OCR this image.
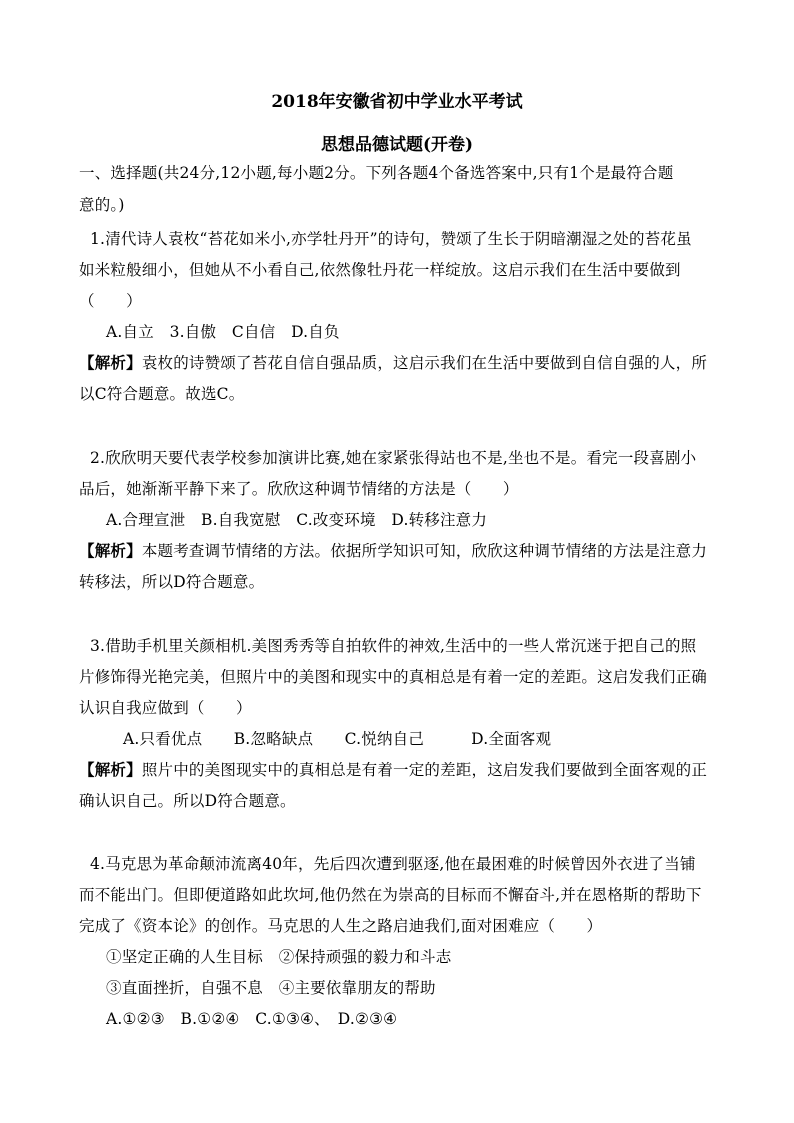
2018年安徽省初中学业水平考试
思想品德试题(开卷)
一、选择题(共24分,12小题,每小题2分。下列各题4个备选答案中,只有1个是最符合题
意的。)
1.清代诗人袁枚“苔花如米小,亦学牡丹开”的诗句，赞颂了生长于阴暗潮湿之处的苔花虽
如米粒般细小，但她从不小看自己,依然像牡丹花一样绽放。这启示我们在生活中要做到
（　　）
A.自立　3.自傲　C自信　D.自负
【解析】袁枚的诗赞颂了苔花自信自强品质，这启示我们在生活中要做到自信自强的人，所
以C符合题意。故选C。
2.欣欣明天要代表学校参加演讲比赛,她在家紧张得站也不是,坐也不是。看完一段喜剧小
品后，她渐渐平静下来了。欣欣这种调节情绪的方法是（　　）
A.合理宣泄　B.自我宽慰　C.改变环境　D.转移注意力
【解析】本题考查调节情绪的方法。依据所学知识可知，欣欣这种调节情绪的方法是注意力
转移法，所以D符合题意。
3.借助手机里关颜相机.美图秀秀等自拍软件的神效,生活中的一些人常沉迷于把自己的照
片修饰得光艳完美，但照片中的美图和现实中的真相总是有着一定的差距。这启发我们正确
认识自我应做到（　　）
A.只看优点　　B.忽略缺点　　C.悦纳自己　　　D.全面客观
【解析】照片中的美图现实中的真相总是有着一定的差距，这启发我们要做到全面客观的正
确认识自己。所以D符合题意。
4.马克思为革命颠沛流离40年，先后四次遭到驱逐,他在最困难的时候曾因外衣进了当铺
而不能出门。但即便道路如此坎坷,他仍然在为崇高的目标而不懈奋斗,并在恩格斯的帮助下
完成了《资本论》的创作。马克思的人生之路启迪我们,面对困难应（　　）
①坚定正确的人生目标　②保持顽强的毅力和斗志
③直面挫折，自强不息　④主要依靠朋友的帮助
A.①②③　B.①②④　C.①③④、　D.②③④
